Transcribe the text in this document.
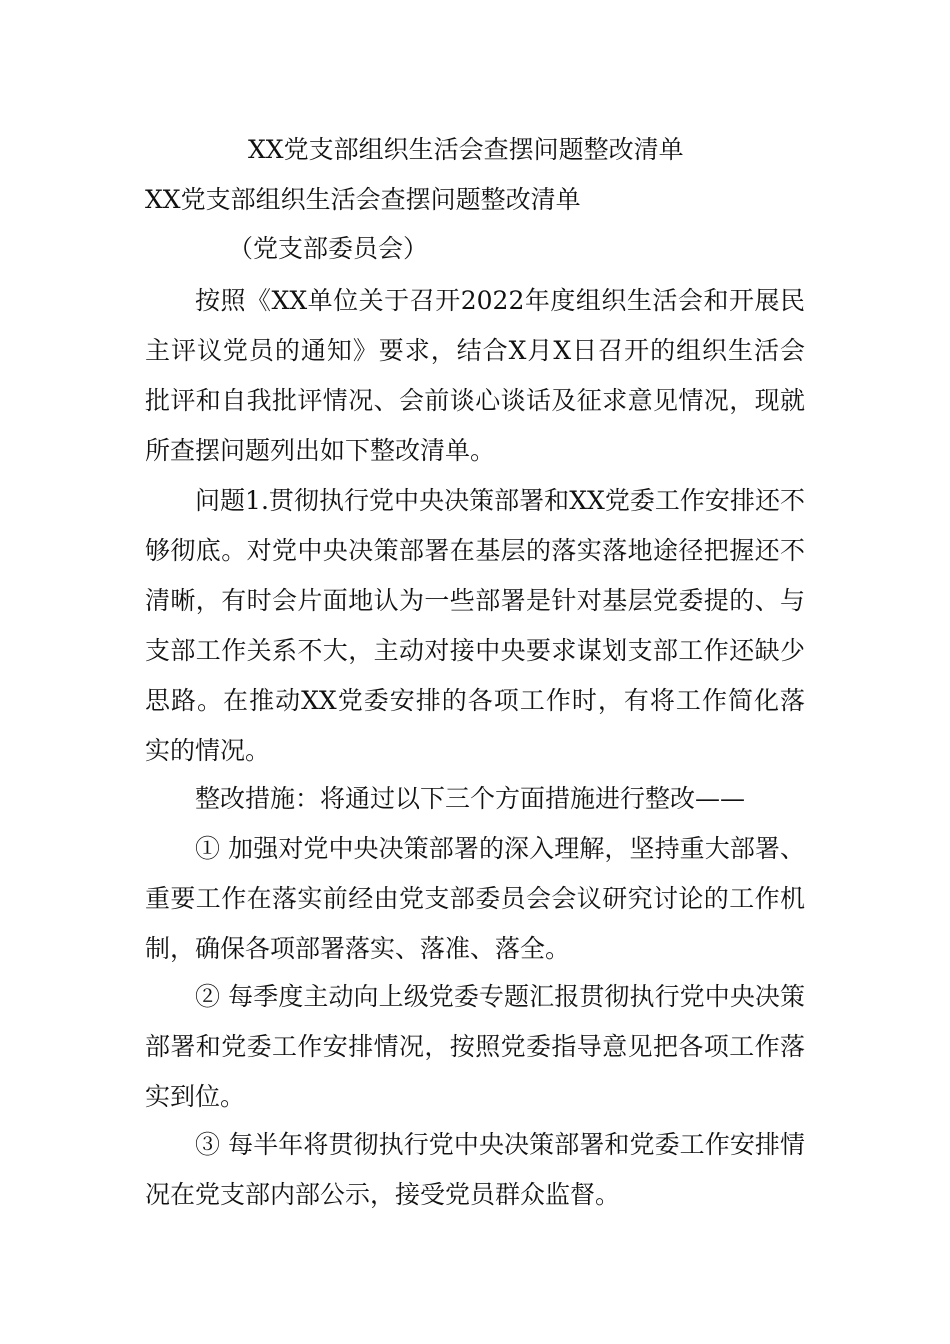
XX党支部组织生活会查摆问题整改清单
XX党支部组织生活会查摆问题整改清单
（党支部委员会）

按照《XX单位关于召开2022年度组织生活会和开展民主评议党员的通知》要求，结合X月X日召开的组织生活会批评和自我批评情况、会前谈心谈话及征求意见情况，现就所查摆问题列出如下整改清单。

问题1.贯彻执行党中央决策部署和XX党委工作安排还不够彻底。对党中央决策部署在基层的落实落地途径把握还不清晰，有时会片面地认为一些部署是针对基层党委提的、与支部工作关系不大，主动对接中央要求谋划支部工作还缺少思路。在推动XX党委安排的各项工作时，有将工作简化落实的情况。

整改措施：将通过以下三个方面措施进行整改——

① 加强对党中央决策部署的深入理解，坚持重大部署、重要工作在落实前经由党支部委员会会议研究讨论的工作机制，确保各项部署落实、落准、落全。

② 每季度主动向上级党委专题汇报贯彻执行党中央决策部署和党委工作安排情况，按照党委指导意见把各项工作落实到位。

③ 每半年将贯彻执行党中央决策部署和党委工作安排情况在党支部内部公示，接受党员群众监督。
